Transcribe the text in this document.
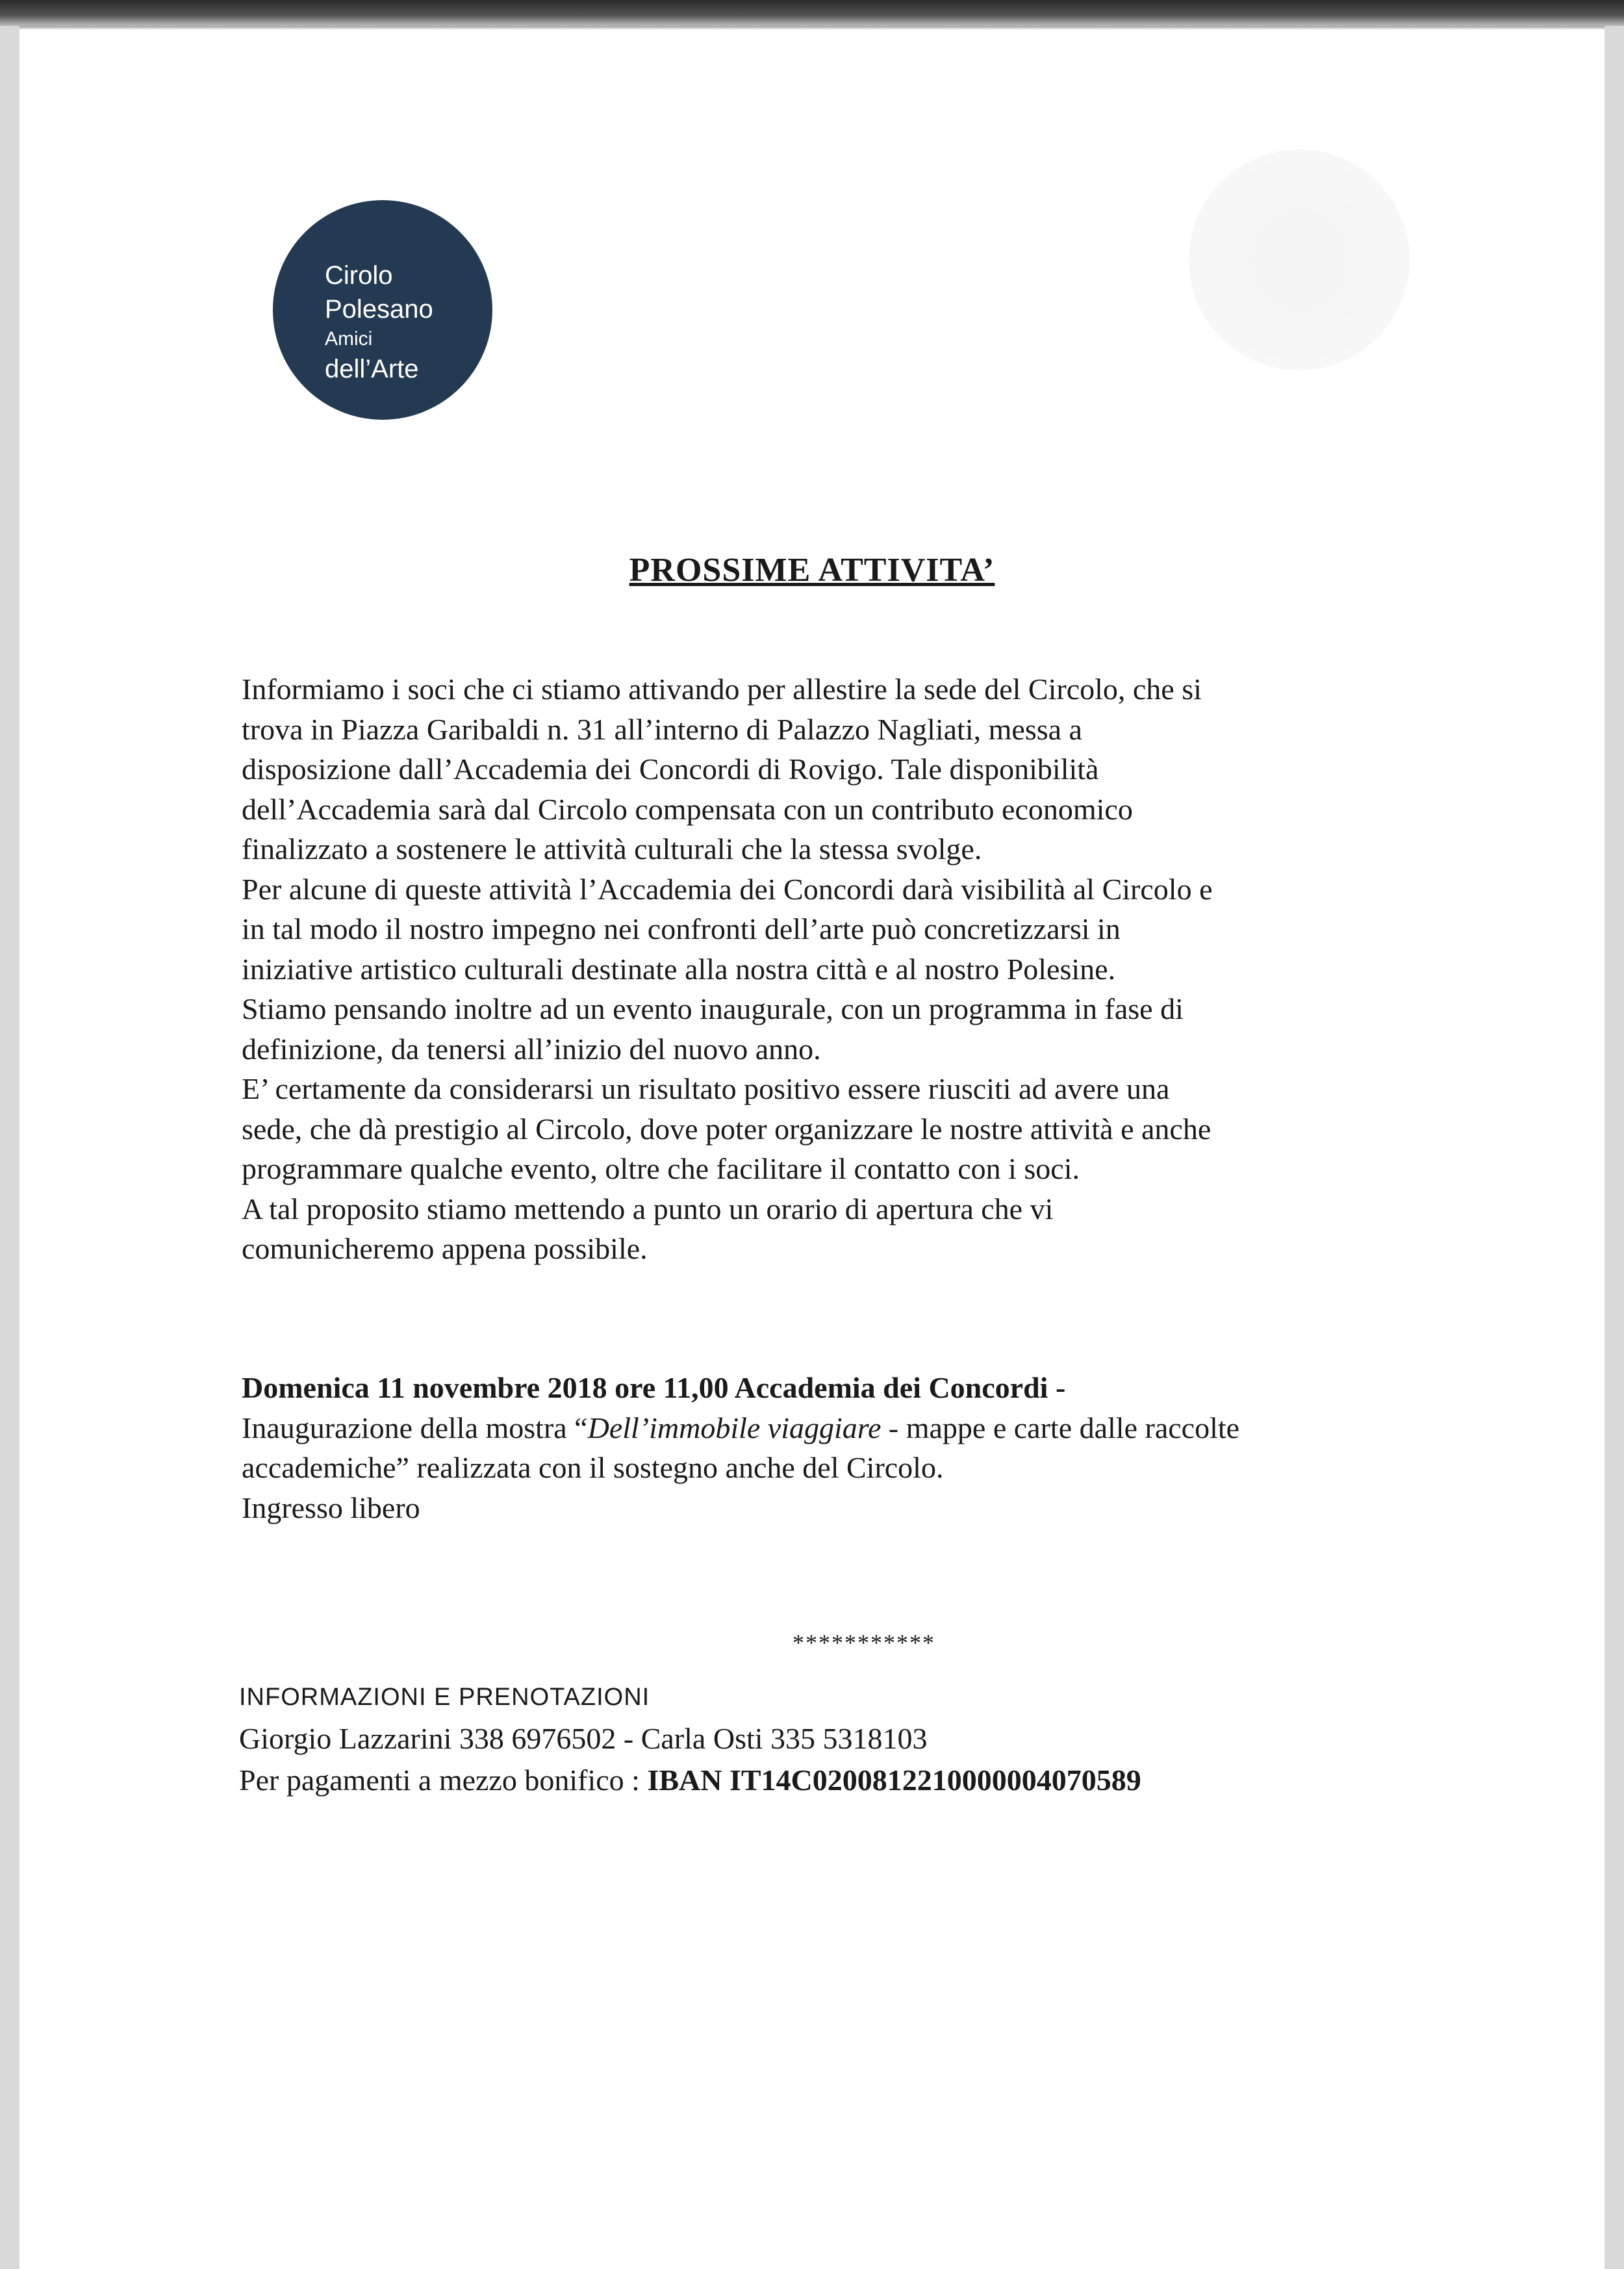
Cirolo
Polesano
Amici
dell’Arte
PROSSIME ATTIVITA’

Informiamo i soci che ci stiamo attivando per allestire la sede del Circolo, che si

trova in Piazza Garibaldi n. 31 all’interno di Palazzo Nagliati, messa a

disposizione dall’Accademia dei Concordi di Rovigo. Tale disponibilità

dell’Accademia sarà dal Circolo compensata con un contributo economico

finalizzato a sostenere le attività culturali che la stessa svolge.

Per alcune di queste attività l’Accademia dei Concordi darà visibilità al Circolo e

in tal modo il nostro impegno nei confronti dell’arte può concretizzarsi in

iniziative artistico culturali destinate alla nostra città e al nostro Polesine.

Stiamo pensando inoltre ad un evento inaugurale, con un programma in fase di

definizione, da tenersi all’inizio del nuovo anno.

E’ certamente da considerarsi un risultato positivo essere riusciti ad avere una

sede, che dà prestigio al Circolo, dove poter organizzare le nostre attività e anche

programmare qualche evento, oltre che facilitare il contatto con i soci.

A tal proposito stiamo mettendo a punto un orario di apertura che vi

comunicheremo appena possibile.

Domenica 11 novembre 2018 ore 11,00 Accademia dei Concordi -

Inaugurazione della mostra “Dell’immobile viaggiare - mappe e carte dalle raccolte

accademiche” realizzata con il sostegno anche del Circolo.

Ingresso libero

***********
INFORMAZIONI E PRENOTAZIONI
Giorgio Lazzarini 338 6976502 - Carla Osti 335 5318103
Per pagamenti a mezzo bonifico : IBAN IT14C0200812210000004070589
